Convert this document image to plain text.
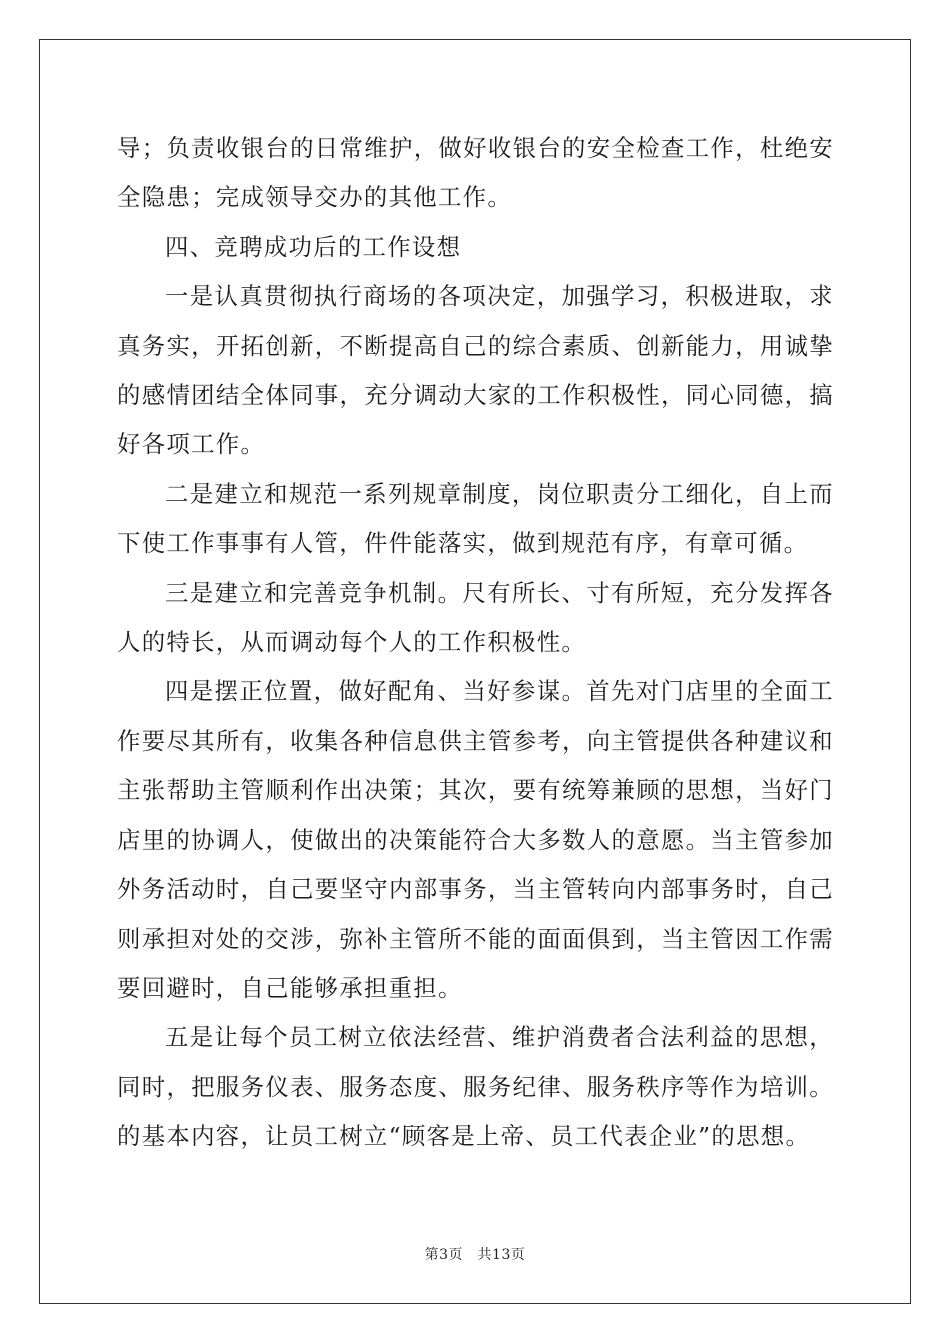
导；负责收银台的日常维护，做好收银台的安全检查工作，杜绝安全隐患；完成领导交办的其他工作。

四、竞聘成功后的工作设想

一是认真贯彻执行商场的各项决定，加强学习，积极进取，求真务实，开拓创新，不断提高自己的综合素质、创新能力，用诚挚的感情团结全体同事，充分调动大家的工作积极性，同心同德，搞好各项工作。

二是建立和规范一系列规章制度，岗位职责分工细化，自上而下使工作事事有人管，件件能落实，做到规范有序，有章可循。

三是建立和完善竞争机制。尺有所长、寸有所短，充分发挥各人的特长，从而调动每个人的工作积极性。

四是摆正位置，做好配角、当好参谋。首先对门店里的全面工作要尽其所有，收集各种信息供主管参考，向主管提供各种建议和主张帮助主管顺利作出决策；其次，要有统筹兼顾的思想，当好门店里的协调人，使做出的决策能符合大多数人的意愿。当主管参加外务活动时，自己要坚守内部事务，当主管转向内部事务时，自己则承担对处的交涉，弥补主管所不能的面面俱到，当主管因工作需要回避时，自己能够承担重担。

五是让每个员工树立依法经营、维护消费者合法利益的思想，同时，把服务仪表、服务态度、服务纪律、服务秩序等作为培训。的基本内容，让员工树立“顾客是上帝、员工代表企业”的思想。

第3页　共13页
